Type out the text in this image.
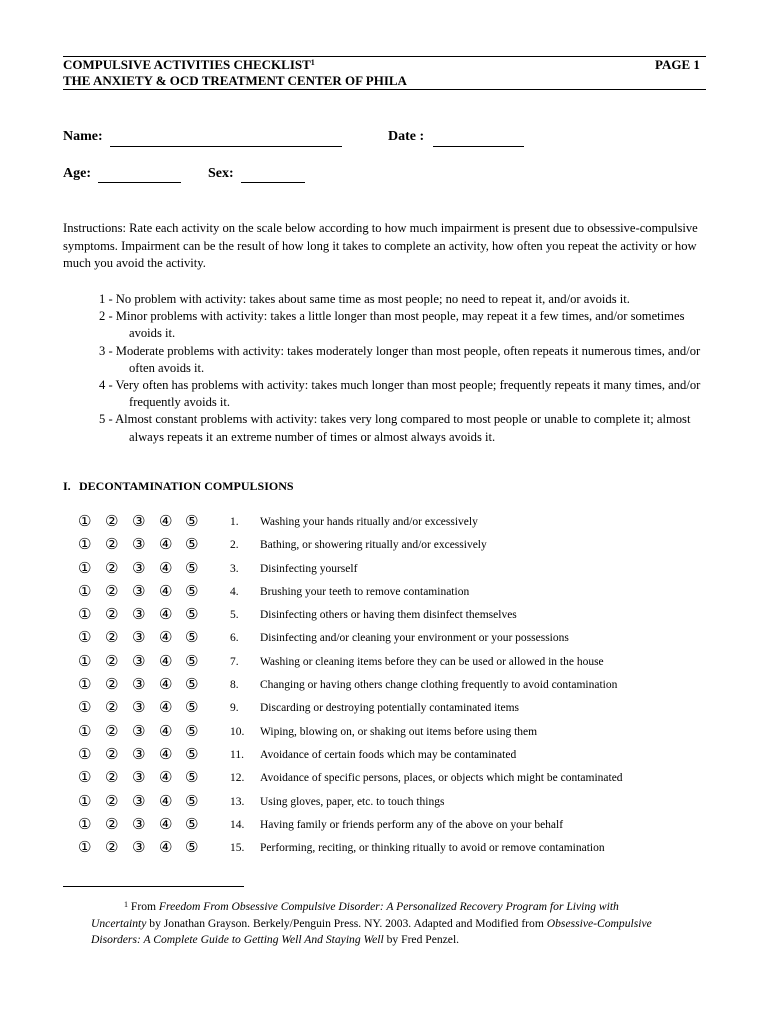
COMPULSIVE ACTIVITIES CHECKLIST$^1$	PAGE 1
THE ANXIETY & OCD TREATMENT CENTER OF PHILA
Name:	Date :
Age:	Sex:
Instructions: Rate each activity on the scale below according to how much impairment is present due to obsessive-compulsive symptoms. Impairment can be the result of how long it takes to complete an activity, how often you repeat the activity or how much you avoid the activity.
1 - No problem with activity: takes about same time as most people; no need to repeat it, and/or avoids it.
2 - Minor problems with activity: takes a little longer than most people, may repeat it a few times, and/or sometimes avoids it.
3 - Moderate problems with activity: takes moderately longer than most people, often repeats it numerous times, and/or often avoids it.
4 - Very often has problems with activity: takes much longer than most people; frequently repeats it many times, and/or frequently avoids it.
5 - Almost constant problems with activity: takes very long compared to most people or unable to complete it; almost always repeats it an extreme number of times or almost always avoids it.
I. DECONTAMINATION COMPULSIONS
① ② ③ ④ ⑤	1. Washing your hands ritually and/or excessively
① ② ③ ④ ⑤	2. Bathing, or showering ritually and/or excessively
① ② ③ ④ ⑤	3. Disinfecting yourself
① ② ③ ④ ⑤	4. Brushing your teeth to remove contamination
① ② ③ ④ ⑤	5. Disinfecting others or having them disinfect themselves
① ② ③ ④ ⑤	6. Disinfecting and/or cleaning your environment or your possessions
① ② ③ ④ ⑤	7. Washing or cleaning items before they can be used or allowed in the house
① ② ③ ④ ⑤	8. Changing or having others change clothing frequently to avoid contamination
① ② ③ ④ ⑤	9. Discarding or destroying potentially contaminated items
① ② ③ ④ ⑤	10. Wiping, blowing on, or shaking out items before using them
① ② ③ ④ ⑤	11. Avoidance of certain foods which may be contaminated
① ② ③ ④ ⑤	12. Avoidance of specific persons, places, or objects which might be contaminated
① ② ③ ④ ⑤	13. Using gloves, paper, etc. to touch things
① ② ③ ④ ⑤	14. Having family or friends perform any of the above on your behalf
① ② ③ ④ ⑤	15. Performing, reciting, or thinking ritually to avoid or remove contamination
$^1$ From Freedom From Obsessive Compulsive Disorder: A Personalized Recovery Program for Living with Uncertainty by Jonathan Grayson. Berkely/Penguin Press. NY. 2003. Adapted and Modified from Obsessive-Compulsive Disorders: A Complete Guide to Getting Well And Staying Well by Fred Penzel.
